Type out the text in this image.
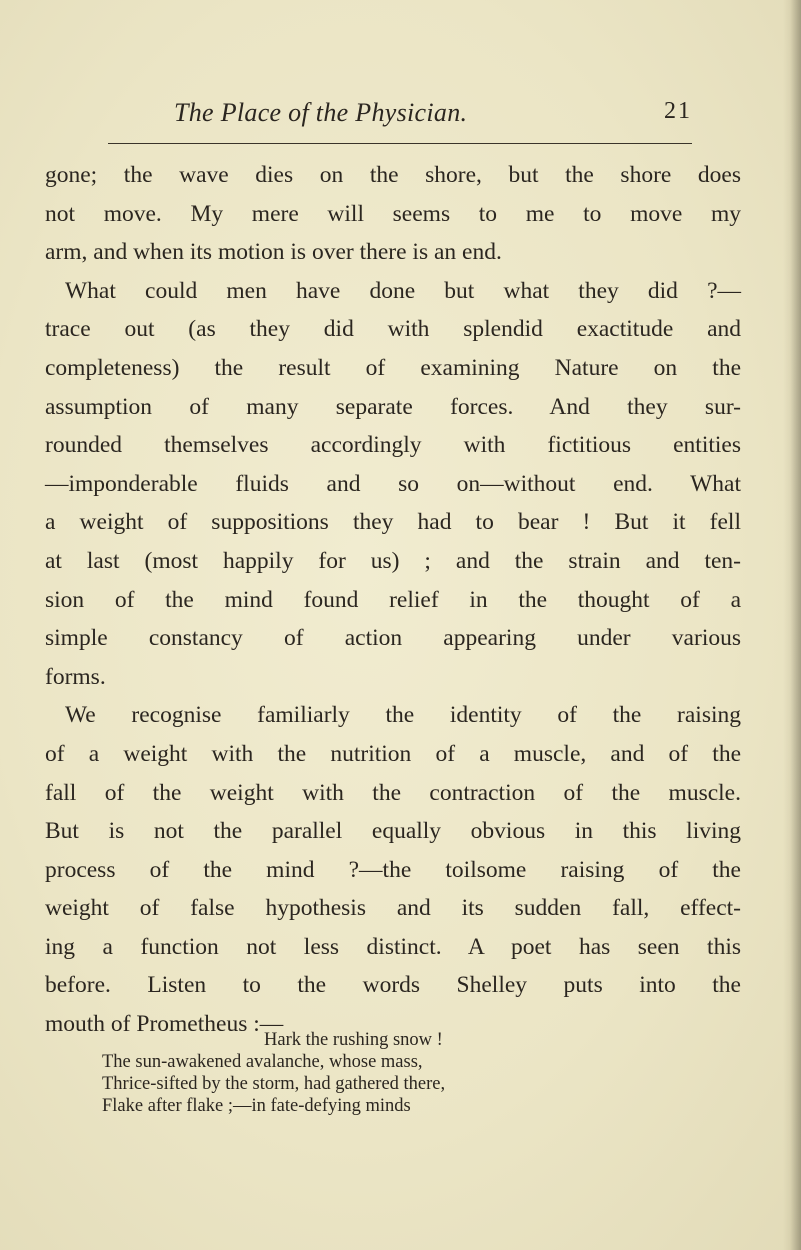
The Place of the Physician.	21
gone; the wave dies on the shore, but the shore does
not move. My mere will seems to me to move my
arm, and when its motion is over there is an end.
What could men have done but what they did ?—
trace out (as they did with splendid exactitude and
completeness) the result of examining Nature on the
assumption of many separate forces. And they sur-
rounded themselves accordingly with fictitious entities
—imponderable fluids and so on—without end. What
a weight of suppositions they had to bear ! But it fell
at last (most happily for us) ; and the strain and ten-
sion of the mind found relief in the thought of a
simple constancy of action appearing under various
forms.
We recognise familiarly the identity of the raising
of a weight with the nutrition of a muscle, and of the
fall of the weight with the contraction of the muscle.
But is not the parallel equally obvious in this living
process of the mind ?—the toilsome raising of the
weight of false hypothesis and its sudden fall, effect-
ing a function not less distinct. A poet has seen this
before. Listen to the words Shelley puts into the
mouth of Prometheus :—
Hark the rushing snow !
The sun-awakened avalanche, whose mass,
Thrice-sifted by the storm, had gathered there,
Flake after flake ;—in fate-defying minds
